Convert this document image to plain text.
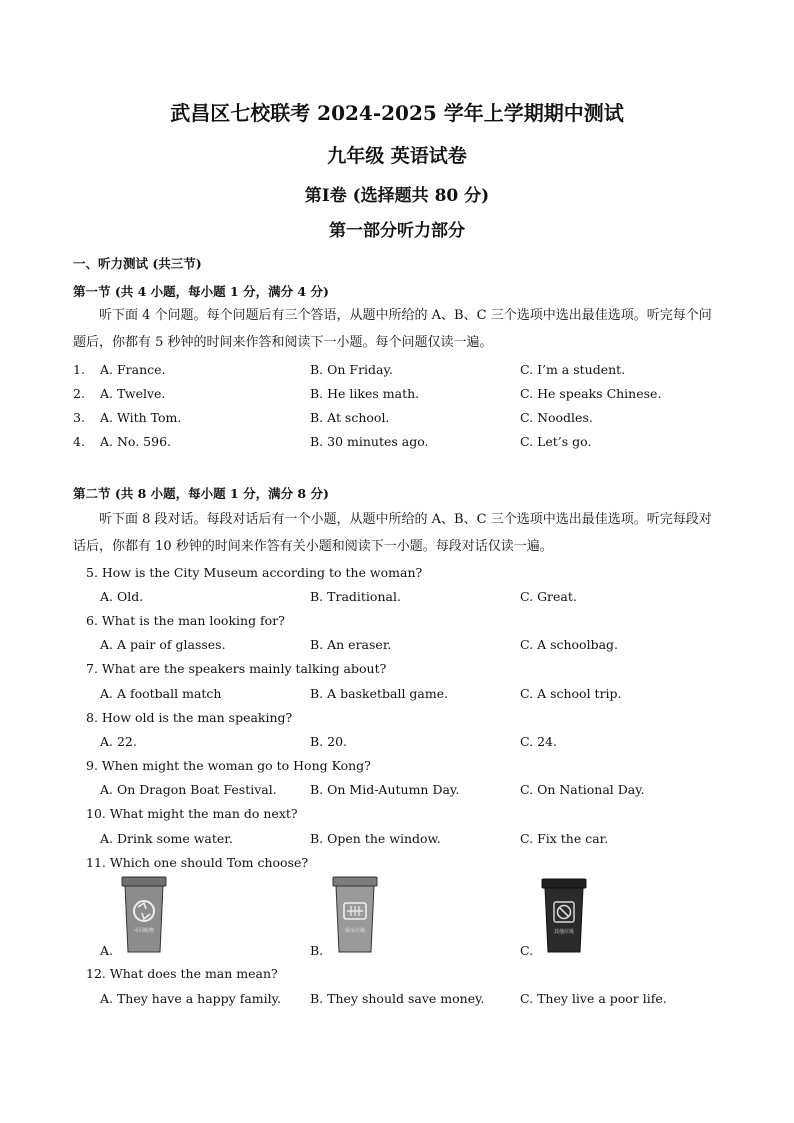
武昌区七校联考 2024-2025 学年上学期期中测试
九年级 英语试卷
第Ⅰ卷 (选择题共 80 分)
第一部分听力部分
一、听力测试 (共三节)
第一节 (共 4 小题，每小题 1 分，满分 4 分)
听下面 4 个问题。每个问题后有三个答语，从题中所给的 A、B、C 三个选项中选出最佳选项。听完每个问题后，你都有 5 秒钟的时间来作答和阅读下一小题。每个问题仅读一遍。
1. A. France.	B. On Friday.	C. I’m a student.
2. A. Twelve.	B. He likes math.	C. He speaks Chinese.
3. A. With Tom.	B. At school.	C. Noodles.
4. A. No. 596.	B. 30 minutes ago.	C. Let’s go.
第二节 (共 8 小题，每小题 1 分，满分 8 分)
听下面 8 段对话。每段对话后有一个小题，从题中所给的 A、B、C 三个选项中选出最佳选项。听完每段对话后，你都有 10 秒钟的时间来作答有关小题和阅读下一小题。每段对话仅读一遍。
5. How is the City Museum according to the woman?
A. Old.	B. Traditional.	C. Great.
6. What is the man looking for?
A. A pair of glasses.	B. An eraser.	C. A schoolbag.
7. What are the speakers mainly talking about?
A. A football match	B. A basketball game.	C. A school trip.
8. How old is the man speaking?
A. 22.	B. 20.	C. 24.
9. When might the woman go to Hong Kong?
A. On Dragon Boat Festival.	B. On Mid-Autumn Day.	C. On National Day.
10. What might the man do next?
A. Drink some water.	B. Open the window.	C. Fix the car.
11. Which one should Tom choose?
可回收物
A.
厨余垃圾
B.
其他垃圾
C.
12. What does the man mean?
A. They have a happy family. B. They should save money.	C. They live a poor life.
